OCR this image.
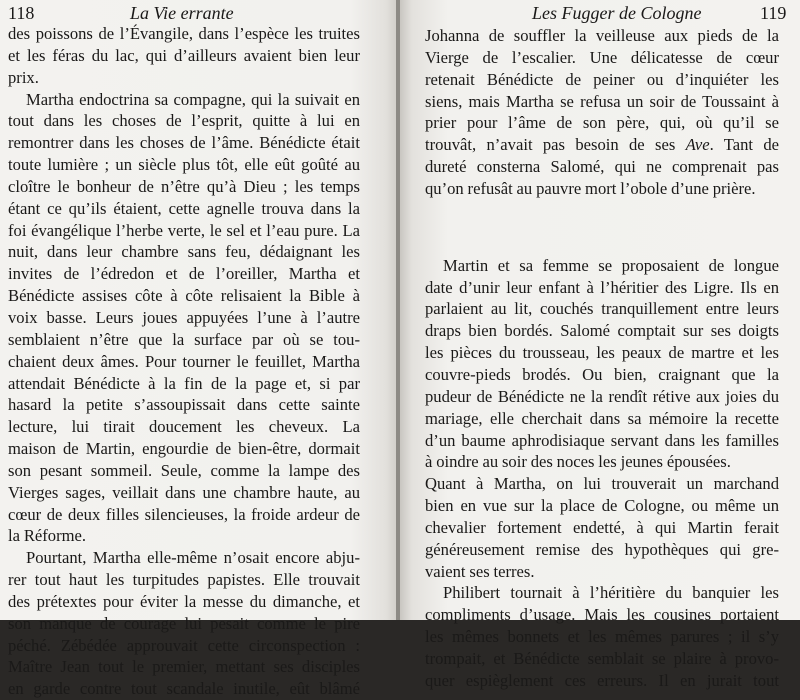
118	La Vie errante
des poissons de l’Évangile, dans l’espèce les truites
et les féras du lac, qui d’ailleurs avaient bien leur
prix.
Martha endoctrina sa compagne, qui la suivait en
tout dans les choses de l’esprit, quitte à lui en
remontrer dans les choses de l’âme. Bénédicte était
toute lumière ; un siècle plus tôt, elle eût goûté au
cloître le bonheur de n’être qu’à Dieu ; les temps
étant ce qu’ils étaient, cette agnelle trouva dans la
foi évangélique l’herbe verte, le sel et l’eau pure. La
nuit, dans leur chambre sans feu, dédaignant les
invites de l’édredon et de l’oreiller, Martha et
Bénédicte assises côte à côte relisaient la Bible à
voix basse. Leurs joues appuyées l’une à l’autre
semblaient n’être que la surface par où se tou-
chaient deux âmes. Pour tourner le feuillet, Martha
attendait Bénédicte à la fin de la page et, si par
hasard la petite s’assoupissait dans cette sainte
lecture, lui tirait doucement les cheveux. La
maison de Martin, engourdie de bien-être, dormait
son pesant sommeil. Seule, comme la lampe des
Vierges sages, veillait dans une chambre haute, au
cœur de deux filles silencieuses, la froide ardeur de
la Réforme.
Pourtant, Martha elle-même n’osait encore abju-
rer tout haut les turpitudes papistes. Elle trouvait
des prétextes pour éviter la messe du dimanche, et
son manque de courage lui pesait comme le pire
péché. Zébédée approuvait cette circonspection :
Maître Jean tout le premier, mettant ses disciples
en garde contre tout scandale inutile, eût blâmé
Les Fugger de Cologne	119
Johanna de souffler la veilleuse aux pieds de la
Vierge de l’escalier. Une délicatesse de cœur
retenait Bénédicte de peiner ou d’inquiéter les
siens, mais Martha se refusa un soir de Toussaint à
prier pour l’âme de son père, qui, où qu’il se
trouvât, n’avait pas besoin de ses Ave. Tant de
dureté consterna Salomé, qui ne comprenait pas
qu’on refusât au pauvre mort l’obole d’une prière.
Martin et sa femme se proposaient de longue
date d’unir leur enfant à l’héritier des Ligre. Ils en
parlaient au lit, couchés tranquillement entre leurs
draps bien bordés. Salomé comptait sur ses doigts
les pièces du trousseau, les peaux de martre et les
couvre-pieds brodés. Ou bien, craignant que la
pudeur de Bénédicte ne la rendît rétive aux joies du
mariage, elle cherchait dans sa mémoire la recette
d’un baume aphrodisiaque servant dans les familles
à oindre au soir des noces les jeunes épousées.
Quant à Martha, on lui trouverait un marchand
bien en vue sur la place de Cologne, ou même un
chevalier fortement endetté, à qui Martin ferait
généreusement remise des hypothèques qui gre-
vaient ses terres.
Philibert tournait à l’héritière du banquier les
compliments d’usage. Mais les cousines portaient
les mêmes bonnets et les mêmes parures ; il s’y
trompait, et Bénédicte semblait se plaire à provo-
quer espièglement ces erreurs. Il en jurait tout
